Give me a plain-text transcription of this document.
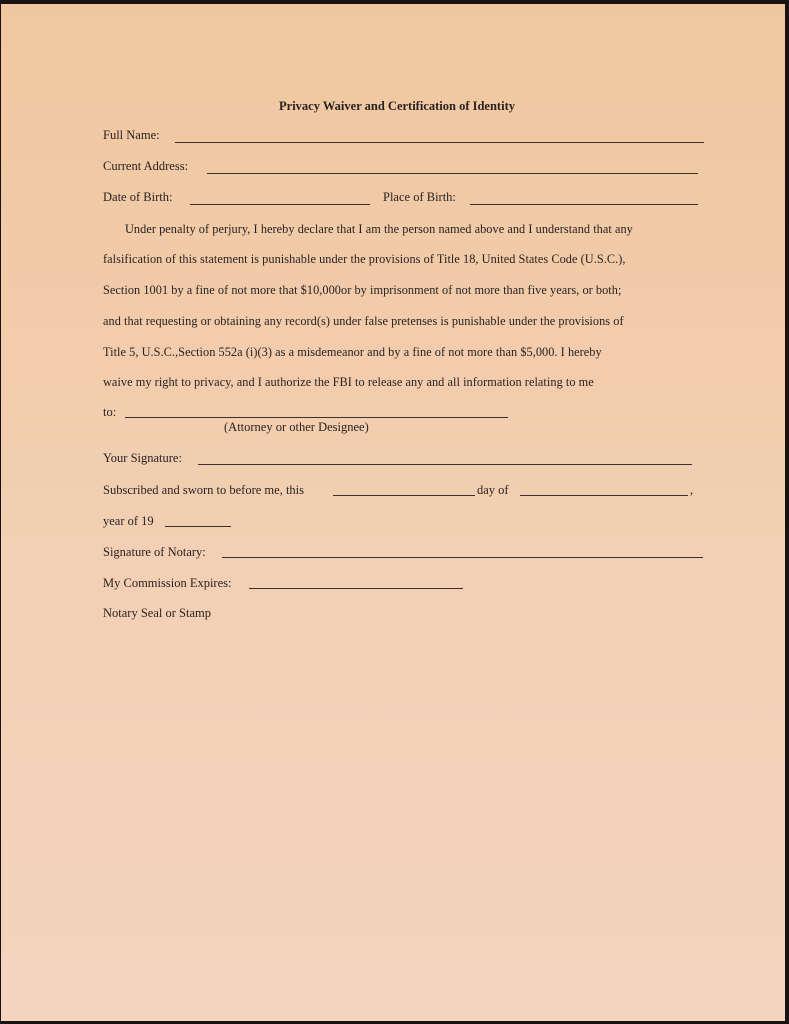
Privacy Waiver and Certification of Identity
Full Name:
Current Address:
Date of Birth:	Place of Birth:
Under penalty of perjury, I hereby declare that I am the person named above and I understand that any
falsification of this statement is punishable under the provisions of Title 18, United States Code (U.S.C.),
Section 1001 by a fine of not more that $10,000or by imprisonment of not more than five years, or both;
and that requesting or obtaining any record(s) under false pretenses is punishable under the provisions of
Title 5, U.S.C.,Section 552a (i)(3) as a misdemeanor and by a fine of not more than $5,000. I hereby
waive my right to privacy, and I authorize the FBI to release any and all information relating to me
to:
(Attorney or other Designee)
Your Signature:
Subscribed and sworn to before me, this	day of	,
year of 19
Signature of Notary:
My Commission Expires:
Notary Seal or Stamp
